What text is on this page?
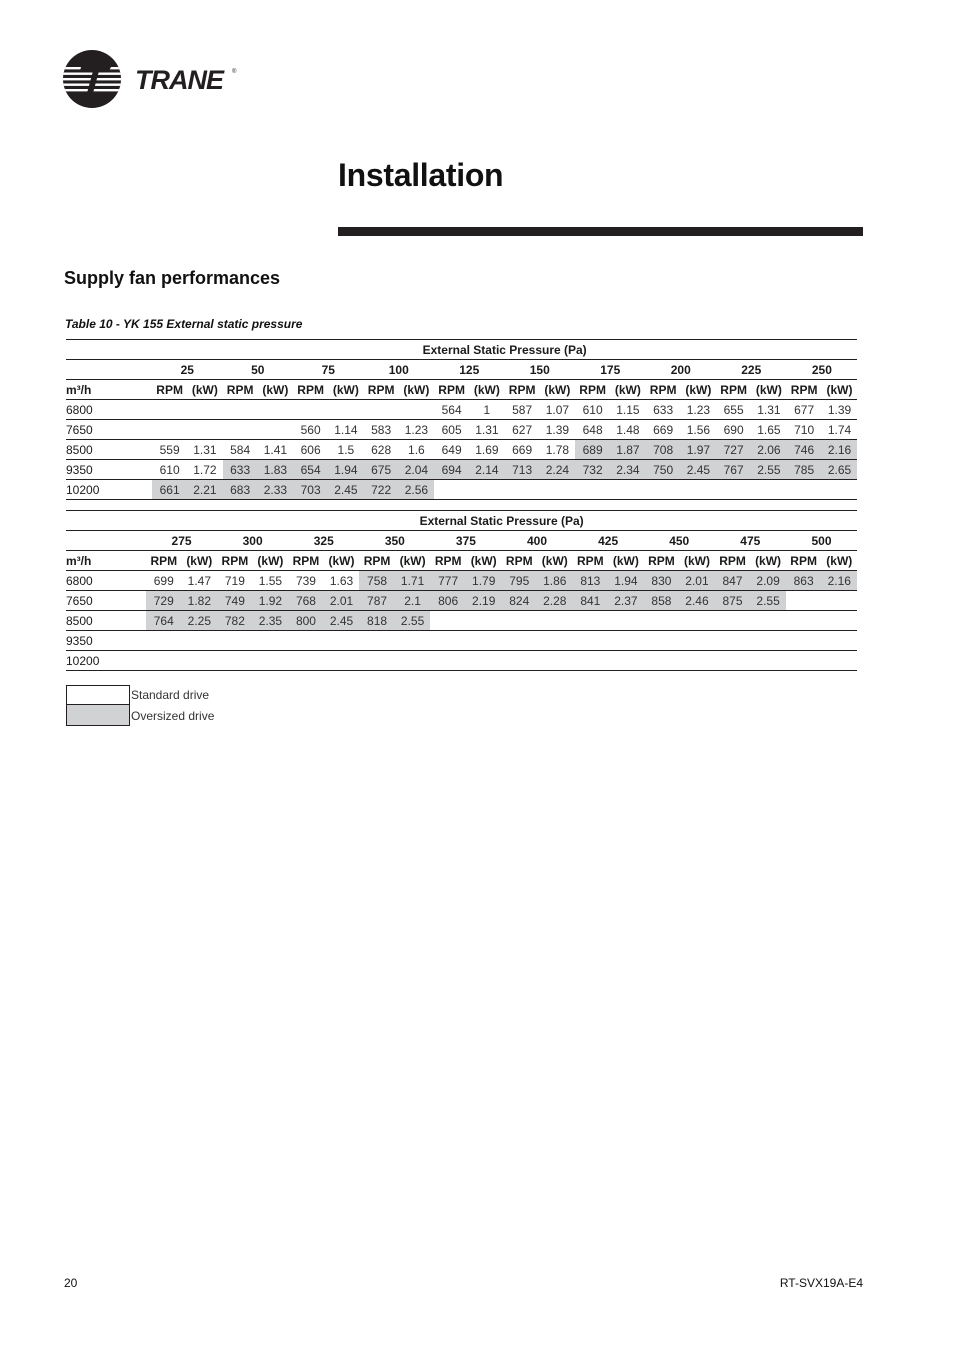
TRANE	®
Installation
Supply fan performances
Table 10 - YK 155 External static pressure
	External Static Pressure (Pa)																			
	25		50		75		100		125		150		175		200		225		250	
m³/h	RPM	(kW)	RPM	(kW)	RPM	(kW)	RPM	(kW)	RPM	(kW)	RPM	(kW)	RPM	(kW)	RPM	(kW)	RPM	(kW)	RPM	(kW)
6800									564	1	587	1.07	610	1.15	633	1.23	655	1.31	677	1.39
7650					560	1.14	583	1.23	605	1.31	627	1.39	648	1.48	669	1.56	690	1.65	710	1.74
8500	559	1.31	584	1.41	606	1.5	628	1.6	649	1.69	669	1.78	689	1.87	708	1.97	727	2.06	746	2.16
9350	610	1.72	633	1.83	654	1.94	675	2.04	694	2.14	713	2.24	732	2.34	750	2.45	767	2.55	785	2.65
10200	661	2.21	683	2.33	703	2.45	722	2.56												
	External Static Pressure (Pa)																			
	275		300		325		350		375		400		425		450		475		500	
m³/h	RPM	(kW)	RPM	(kW)	RPM	(kW)	RPM	(kW)	RPM	(kW)	RPM	(kW)	RPM	(kW)	RPM	(kW)	RPM	(kW)	RPM	(kW)
6800	699	1.47	719	1.55	739	1.63	758	1.71	777	1.79	795	1.86	813	1.94	830	2.01	847	2.09	863	2.16
7650	729	1.82	749	1.92	768	2.01	787	2.1	806	2.19	824	2.28	841	2.37	858	2.46	875	2.55		
8500	764	2.25	782	2.35	800	2.45	818	2.55												
9350																				
10200																				
Standard drive
Oversized drive
20	RT-SVX19A-E4
